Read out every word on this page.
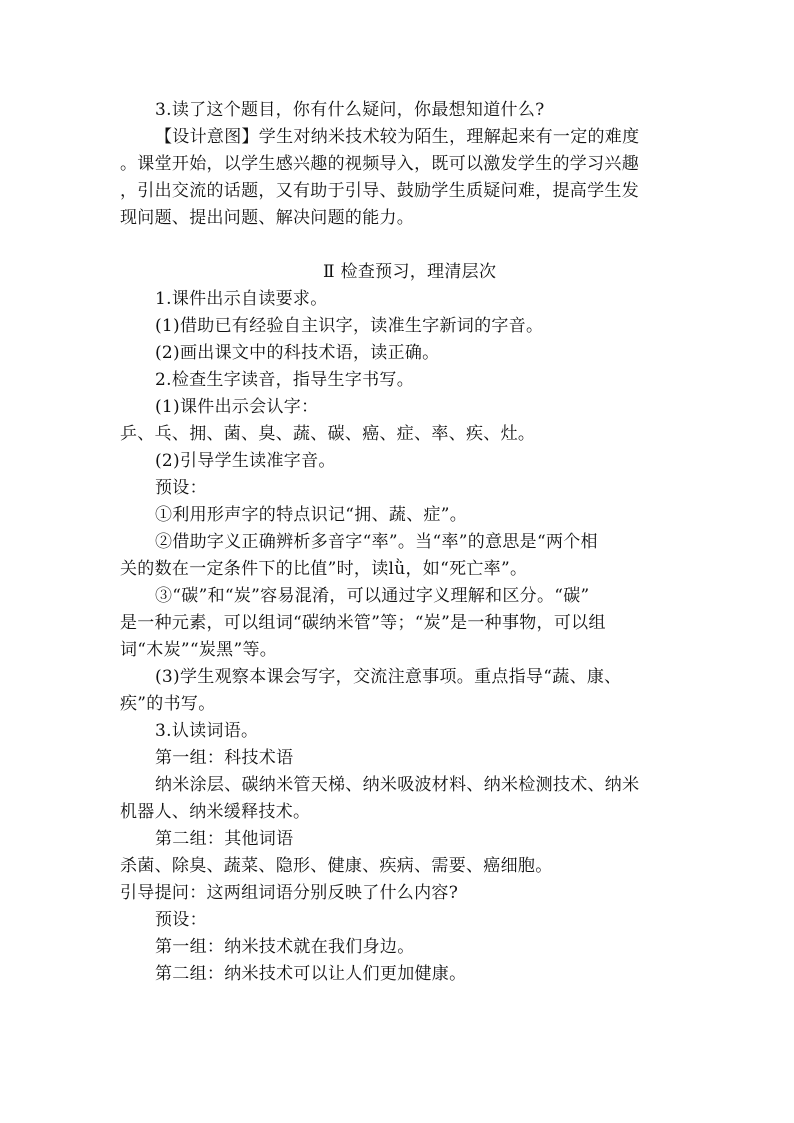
3.读了这个题目，你有什么疑问，你最想知道什么?
【设计意图】学生对纳米技术较为陌生，理解起来有一定的难度
。课堂开始，以学生感兴趣的视频导入，既可以激发学生的学习兴趣
，引出交流的话题，又有助于引导、鼓励学生质疑问难，提高学生发
现问题、提出问题、解决问题的能力。
Ⅱ 检查预习，理清层次
1.课件出示自读要求。
(1)借助已有经验自主识字，读准生字新词的字音。
(2)画出课文中的科技术语，读正确。
2.检查生字读音，指导生字书写。
(1)课件出示会认字：
乒、乓、拥、菌、臭、蔬、碳、癌、症、率、疾、灶。
(2)引导学生读准字音。
预设：
①利用形声字的特点识记“拥、蔬、症”。
②借助字义正确辨析多音字“率”。当“率”的意思是“两个相
关的数在一定条件下的比值”时，读lǜ，如“死亡率”。
③“碳”和“炭”容易混淆，可以通过字义理解和区分。“碳”
是一种元素，可以组词“碳纳米管”等；“炭”是一种事物，可以组
词“木炭”“炭黑”等。
(3)学生观察本课会写字，交流注意事项。重点指导“蔬、康、
疾”的书写。
3.认读词语。
第一组：科技术语
纳米涂层、碳纳米管天梯、纳米吸波材料、纳米检测技术、纳米
机器人、纳米缓释技术。
第二组：其他词语
杀菌、除臭、蔬菜、隐形、健康、疾病、需要、癌细胞。
引导提问：这两组词语分别反映了什么内容?
预设：
第一组：纳米技术就在我们身边。
第二组：纳米技术可以让人们更加健康。
